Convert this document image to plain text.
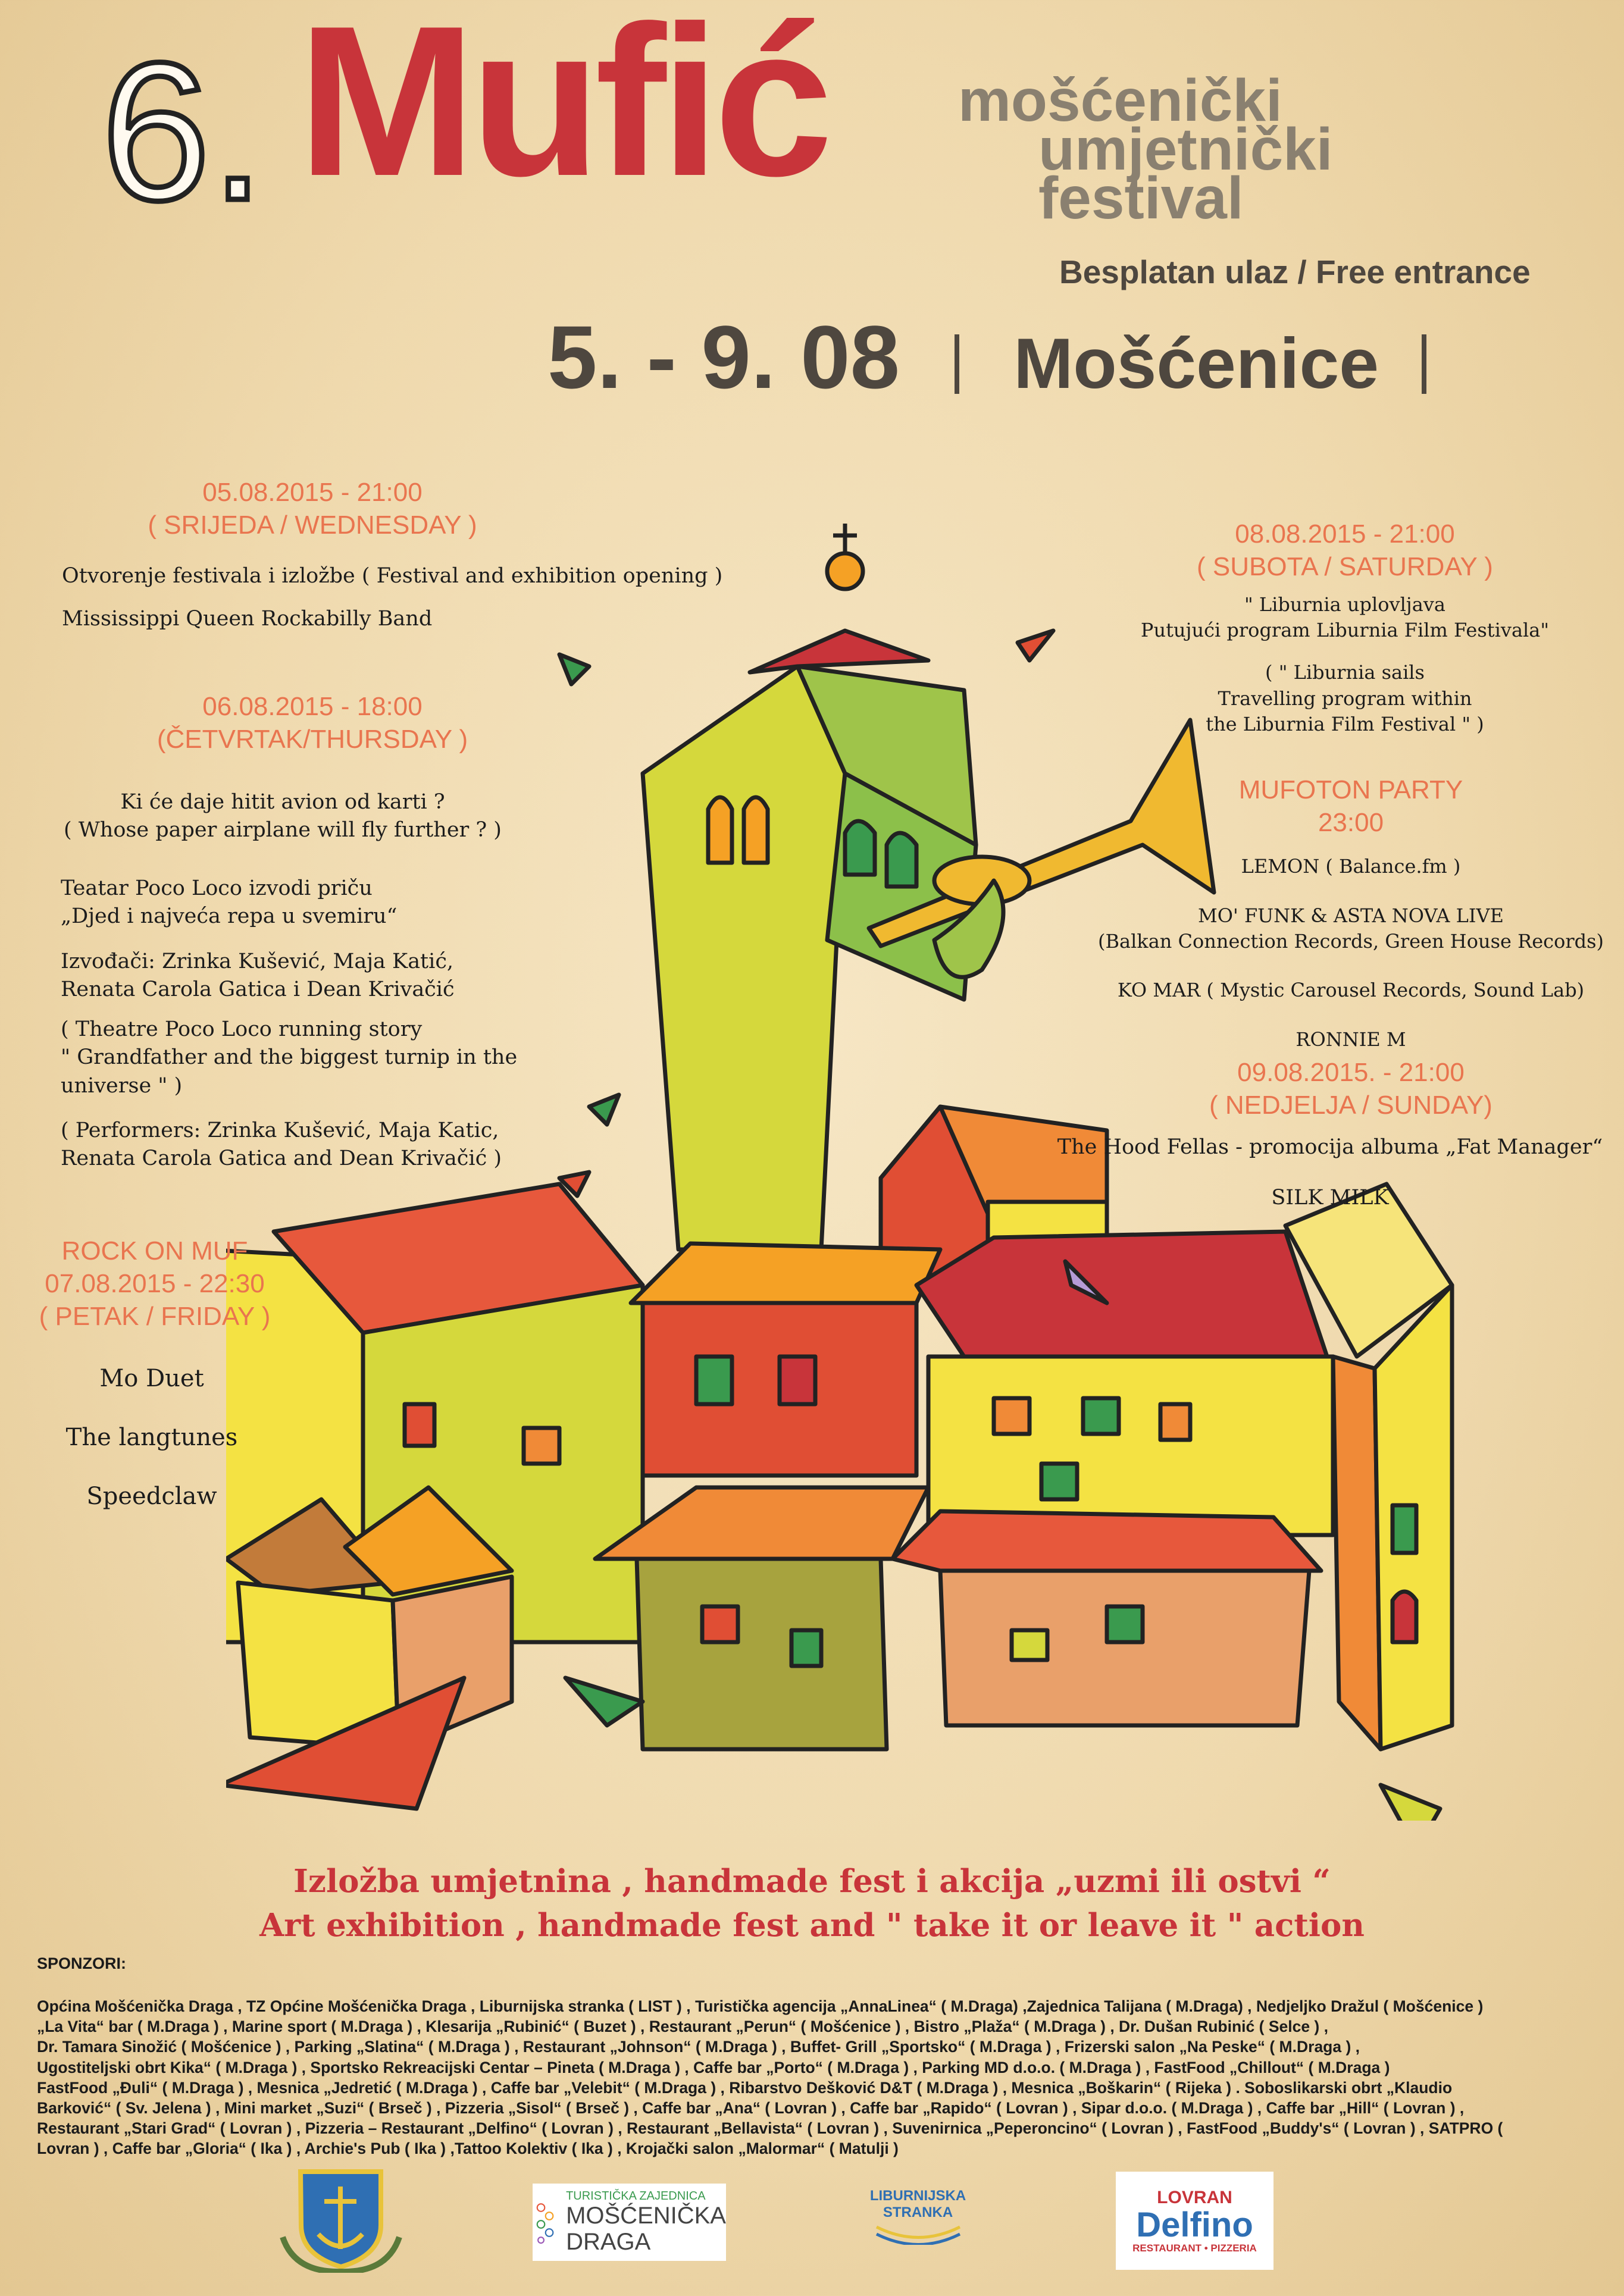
6. Mufić mošćenički
umjetnički
festival
Besplatan ulaz / Free entrance
5. - 9. 08 Mošćenice
05.08.2015 - 21:00
( SRIJEDA / WEDNESDAY )
Otvorenje festivala i izložbe ( Festival and exhibition opening )
Mississippi Queen Rockabilly Band
06.08.2015 - 18:00
(ČETVRTAK/THURSDAY )
Ki će daje hitit avion od karti ?
( Whose paper airplane will fly further ? )
Teatar Poco Loco izvodi priču
„Djed i najveća repa u svemiru“
Izvođači: Zrinka Kušević, Maja Katić,
Renata Carola Gatica i Dean Krivačić
( Theatre Poco Loco running story
" Grandfather and the biggest turnip in the
universe " )
( Performers: Zrinka Kušević, Maja Katic,
Renata Carola Gatica and Dean Krivačić )
ROCK ON MUF
07.08.2015 - 22:30
( PETAK / FRIDAY )
Mo Duet
The langtunes
Speedclaw
08.08.2015 - 21:00
( SUBOTA / SATURDAY )
" Liburnia uplovljava
Putujući program Liburnia Film Festivala"
( " Liburnia sails
Travelling program within
the Liburnia Film Festival " )
MUFOTON PARTY
23:00
LEMON ( Balance.fm )
MO' FUNK & ASTA NOVA LIVE
(Balkan Connection Records, Green House Records)
KO MAR ( Mystic Carousel Records, Sound Lab)
RONNIE M
09.08.2015. - 21:00
( NEDJELJA / SUNDAY)
The Hood Fellas - promocija albuma „Fat Manager“
SILK MILK
Izložba umjetnina , handmade fest i akcija „uzmi ili ostvi “
Art exhibition , handmade fest and " take it or leave it " action
SPONZORI:
Općina Mošćenička Draga , TZ Općine Mošćenička Draga , Liburnijska stranka ( LIST ) , Turistička agencija „AnnaLinea“ ( M.Draga) ,Zajednica Talijana ( M.Draga) , Nedjeljko Dražul ( Mošćenice )
„La Vita“ bar ( M.Draga ) , Marine sport ( M.Draga ) , Klesarija „Rubinić“ ( Buzet ) , Restaurant „Perun“ ( Mošćenice ) , Bistro „Plaža“ ( M.Draga ) , Dr. Dušan Rubinić ( Selce ) ,
Dr. Tamara Sinožić ( Mošćenice ) , Parking „Slatina“ ( M.Draga ) , Restaurant „Johnson“ ( M.Draga ) , Buffet- Grill „Sportsko“ ( M.Draga ) , Frizerski salon „Na Peske“ ( M.Draga ) ,
Ugostiteljski obrt Kika“ ( M.Draga ) , Sportsko Rekreacijski Centar – Pineta ( M.Draga ) , Caffe bar „Porto“ ( M.Draga ) , Parking MD d.o.o. ( M.Draga ) , FastFood „Chillout“ ( M.Draga )
FastFood „Đuli“ ( M.Draga ) , Mesnica „Jedretić ( M.Draga ) , Caffe bar „Velebit“ ( M.Draga ) , Ribarstvo Dešković D&T ( M.Draga ) , Mesnica „Boškarin“ ( Rijeka ) . Soboslikarski obrt „Klaudio
Barković“ ( Sv. Jelena ) , Mini market „Suzi“ ( Brseč ) , Pizzeria „Sisol“ ( Brseč ) , Caffe bar „Ana“ ( Lovran ) , Caffe bar „Rapido“ ( Lovran ) , Sipar d.o.o. ( M.Draga ) , Caffe bar „Hill“ ( Lovran ) ,
Restaurant „Stari Grad“ ( Lovran ) , Pizzeria – Restaurant „Delfino“ ( Lovran ) , Restaurant „Bellavista“ ( Lovran ) , Suvenirnica „Peperoncino“ ( Lovran ) , FastFood „Buddy's“ ( Lovran ) , SATPRO (
Lovran ) , Caffe bar „Gloria“ ( Ika ) , Archie's Pub ( Ika ) ,Tattoo Kolektiv ( Ika ) , Krojački salon „Malormar“ ( Matulji )
TURISTIČKA ZAJEDNICA
MOŠĆENIČKA
DRAGA
LIBURNIJSKA
STRANKA
LOVRAN
Delfino
RESTAURANT • PIZZERIA
